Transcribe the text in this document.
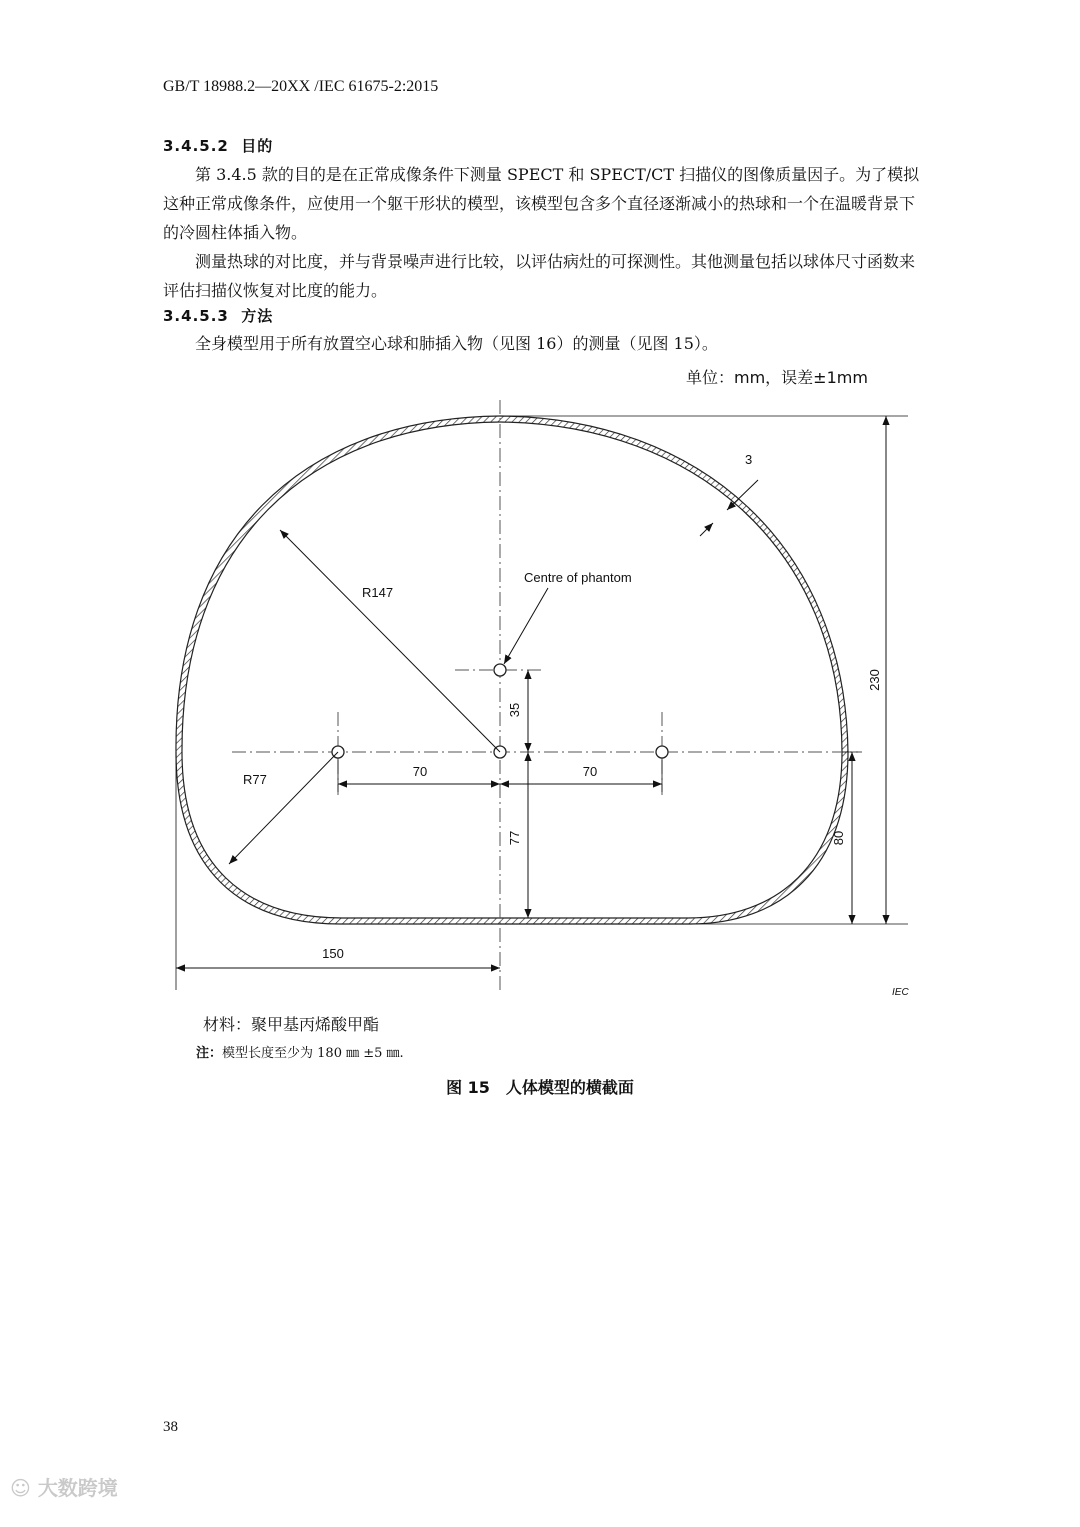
GB/T 18988.2—20XX /IEC 61675-2:2015
3.4.5.2 目的

第 3.4.5 款的目的是在正常成像条件下测量 SPECT 和 SPECT/CT 扫描仪的图像质量因子。为了模拟这种正常成像条件，应使用一个躯干形状的模型，该模型包含多个直径逐渐减小的热球和一个在温暖背景下的冷圆柱体插入物。

测量热球的对比度，并与背景噪声进行比较，以评估病灶的可探测性。其他测量包括以球体尺寸函数来评估扫描仪恢复对比度的能力。

3.4.5.3 方法

全身模型用于所有放置空心球和肺插入物（见图 16）的测量（见图 15）。

单位：mm，误差±1mm
3
Centre of phantom
R147
R77
35
70	70
77	80
230
150
IEC
材料：聚甲基丙烯酸甲酯
注：模型长度至少为 180 ㎜ ±5 ㎜.
图 15　人体模型的横截面
38
☺ 大数跨境
